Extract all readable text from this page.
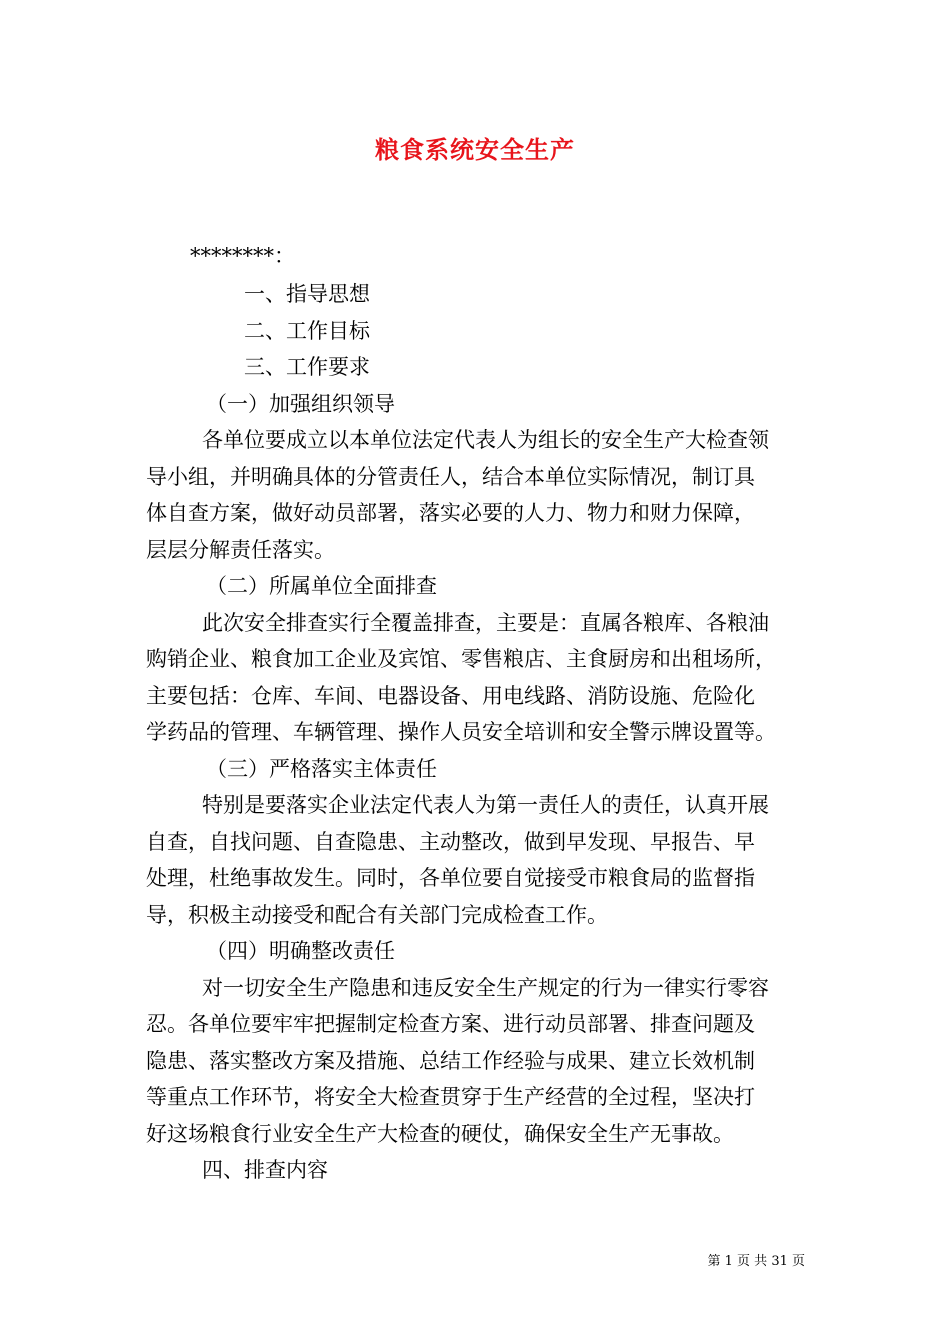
粮食系统安全生产
********：
一、指导思想
二、工作目标
三、工作要求
（一）加强组织领导
各单位要成立以本单位法定代表人为组长的安全生产大检查领
导小组，并明确具体的分管责任人，结合本单位实际情况，制订具
体自查方案，做好动员部署，落实必要的人力、物力和财力保障，
层层分解责任落实。
（二）所属单位全面排查
此次安全排查实行全覆盖排查，主要是：直属各粮库、各粮油
购销企业、粮食加工企业及宾馆、零售粮店、主食厨房和出租场所，
主要包括：仓库、车间、电器设备、用电线路、消防设施、危险化
学药品的管理、车辆管理、操作人员安全培训和安全警示牌设置等。
（三）严格落实主体责任
特别是要落实企业法定代表人为第一责任人的责任，认真开展
自查，自找问题、自查隐患、主动整改，做到早发现、早报告、早
处理，杜绝事故发生。同时，各单位要自觉接受市粮食局的监督指
导，积极主动接受和配合有关部门完成检查工作。
（四）明确整改责任
对一切安全生产隐患和违反安全生产规定的行为一律实行零容
忍。各单位要牢牢把握制定检查方案、进行动员部署、排查问题及
隐患、落实整改方案及措施、总结工作经验与成果、建立长效机制
等重点工作环节，将安全大检查贯穿于生产经营的全过程，坚决打
好这场粮食行业安全生产大检查的硬仗，确保安全生产无事故。
四、排查内容
第 1 页 共 31 页
